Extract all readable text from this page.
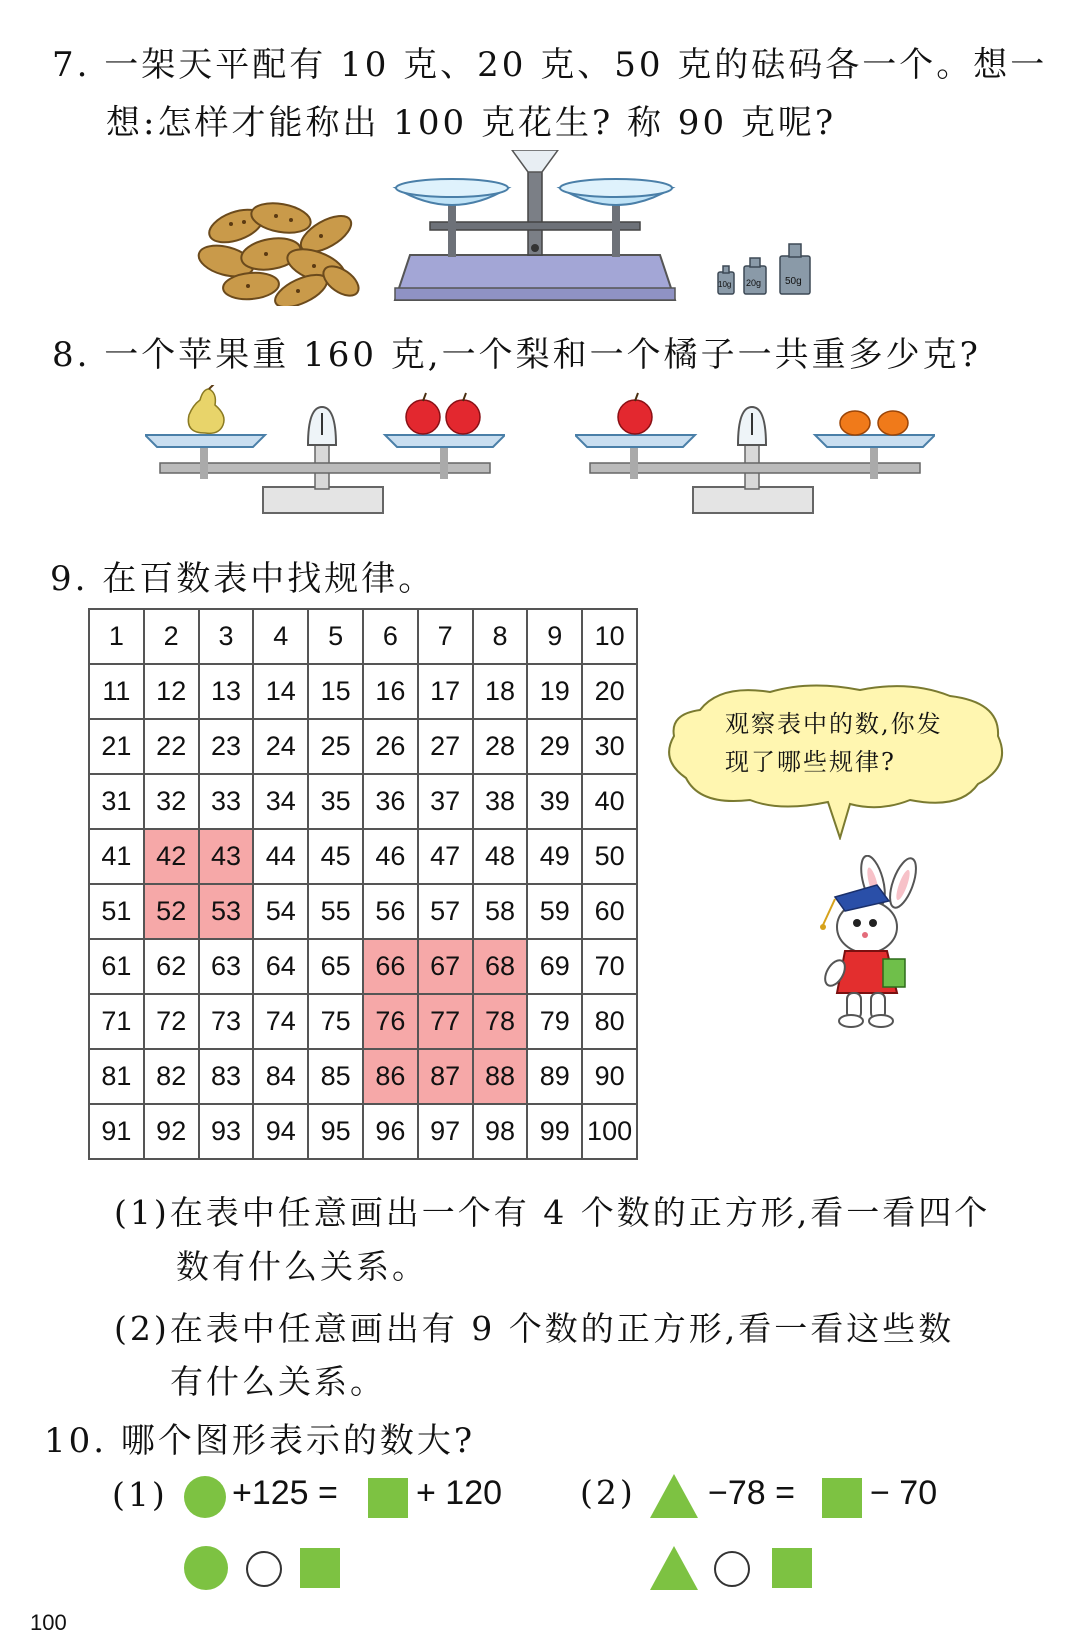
7. 一架天平配有 10 克、20 克、50 克的砝码各一个。想一
想:怎样才能称出 100 克花生? 称 90 克呢?
10g 20g 50g
8. 一个苹果重 160 克,一个梨和一个橘子一共重多少克?
9. 在百数表中找规律。
1	2	3	4	5	6	7	8	9	10
11	12	13	14	15	16	17	18	19	20
21	22	23	24	25	26	27	28	29	30
31	32	33	34	35	36	37	38	39	40
41	42	43	44	45	46	47	48	49	50
51	52	53	54	55	56	57	58	59	60
61	62	63	64	65	66	67	68	69	70
71	72	73	74	75	76	77	78	79	80
81	82	83	84	85	86	87	88	89	90
91	92	93	94	95	96	97	98	99	100
观察表中的数,你发
现了哪些规律?
(1)在表中任意画出一个有 4 个数的正方形,看一看四个
数有什么关系。
(2)在表中任意画出有 9 个数的正方形,看一看这些数
有什么关系。
10. 哪个图形表示的数大?
(1) +125 = + 120 (2) −78 = − 70
100
